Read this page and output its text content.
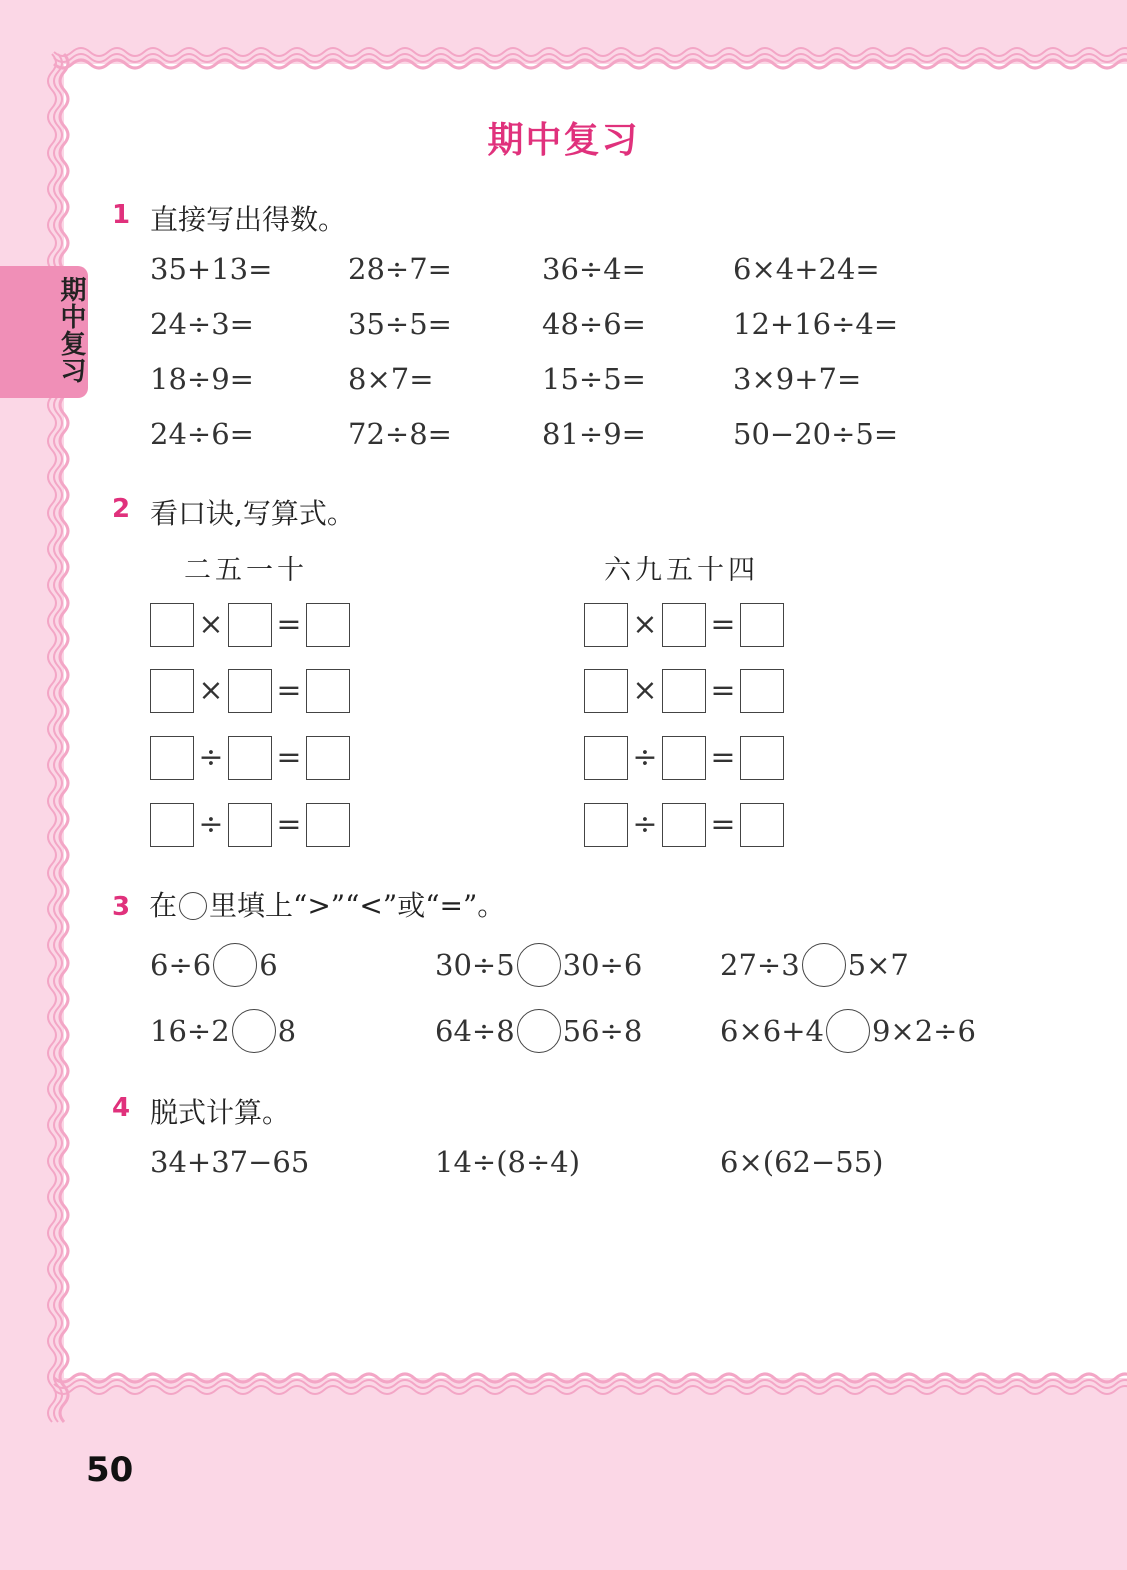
期中复习
期中复习
1 直接写出得数。
35+13=	28÷7=	36÷4=	6×4+24=
24÷3=	35÷5=	48÷6=	12+16÷4=
18÷9=	8×7=	15÷5=	3×9+7=
24÷6=	72÷8=	81÷9=	50−20÷5=
2 看口诀,写算式。
二五一十	六九五十四
× =
× =
÷ =
÷ =
× =
× =
÷ =
÷ =
3 在 里填上“>”“<”或“=”。
6÷6 6	30÷5 30÷6	27÷3 5×7
16÷2 8	64÷8 56÷8	6×6+4 9×2÷6
4 脱式计算。
34+37−65	14÷(8÷4)	6×(62−55)
50
